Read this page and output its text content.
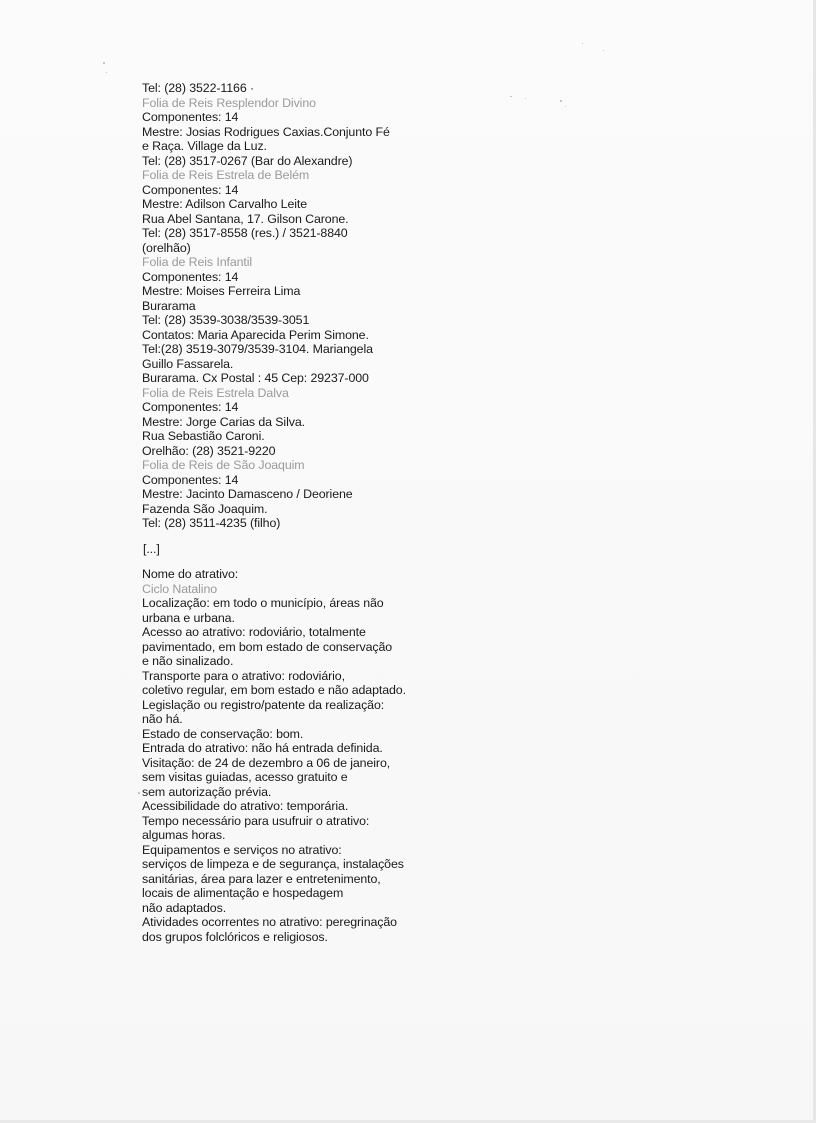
Tel: (28) 3522-1166 ·
Folia de Reis Resplendor Divino
Componentes: 14
Mestre: Josias Rodrigues Caxias.Conjunto Fé
e Raça. Village da Luz.
Tel: (28) 3517-0267 (Bar do Alexandre)
Folia de Reis Estrela de Belém
Componentes: 14
Mestre: Adilson Carvalho Leite
Rua Abel Santana, 17. Gilson Carone.
Tel: (28) 3517-8558 (res.) / 3521-8840
(orelhão)
Folia de Reis Infantil
Componentes: 14
Mestre: Moises Ferreira Lima
Burarama
Tel: (28) 3539-3038/3539-3051
Contatos: Maria Aparecida Perim Simone.
Tel:(28) 3519-3079/3539-3104. Mariangela
Guillo Fassarela.
Burarama. Cx Postal : 45 Cep: 29237-000
Folia de Reis Estrela Dalva
Componentes: 14
Mestre: Jorge Carias da Silva.
Rua Sebastião Caroni.
Orelhão: (28) 3521-9220
Folia de Reis de São Joaquim
Componentes: 14
Mestre: Jacinto Damasceno / Deoriene
Fazenda São Joaquim.
Tel: (28) 3511-4235 (filho)
[...]
Nome do atrativo:
Ciclo Natalino
Localização: em todo o município, áreas não
urbana e urbana.
Acesso ao atrativo: rodoviário, totalmente
pavimentado, em bom estado de conservação
e não sinalizado.
Transporte para o atrativo: rodoviário,
coletivo regular, em bom estado e não adaptado.
Legislação ou registro/patente da realização:
não há.
Estado de conservação: bom.
Entrada do atrativo: não há entrada definida.
Visitação: de 24 de dezembro a 06 de janeiro,
sem visitas guiadas, acesso gratuito e
sem autorização prévia.
Acessibilidade do atrativo: temporária.
Tempo necessário para usufruir o atrativo:
algumas horas.
Equipamentos e serviços no atrativo:
serviços de limpeza e de segurança, instalações
sanitárias, área para lazer e entretenimento,
locais de alimentação e hospedagem
não adaptados.
Atividades ocorrentes no atrativo: peregrinação
dos grupos folclóricos e religiosos.
